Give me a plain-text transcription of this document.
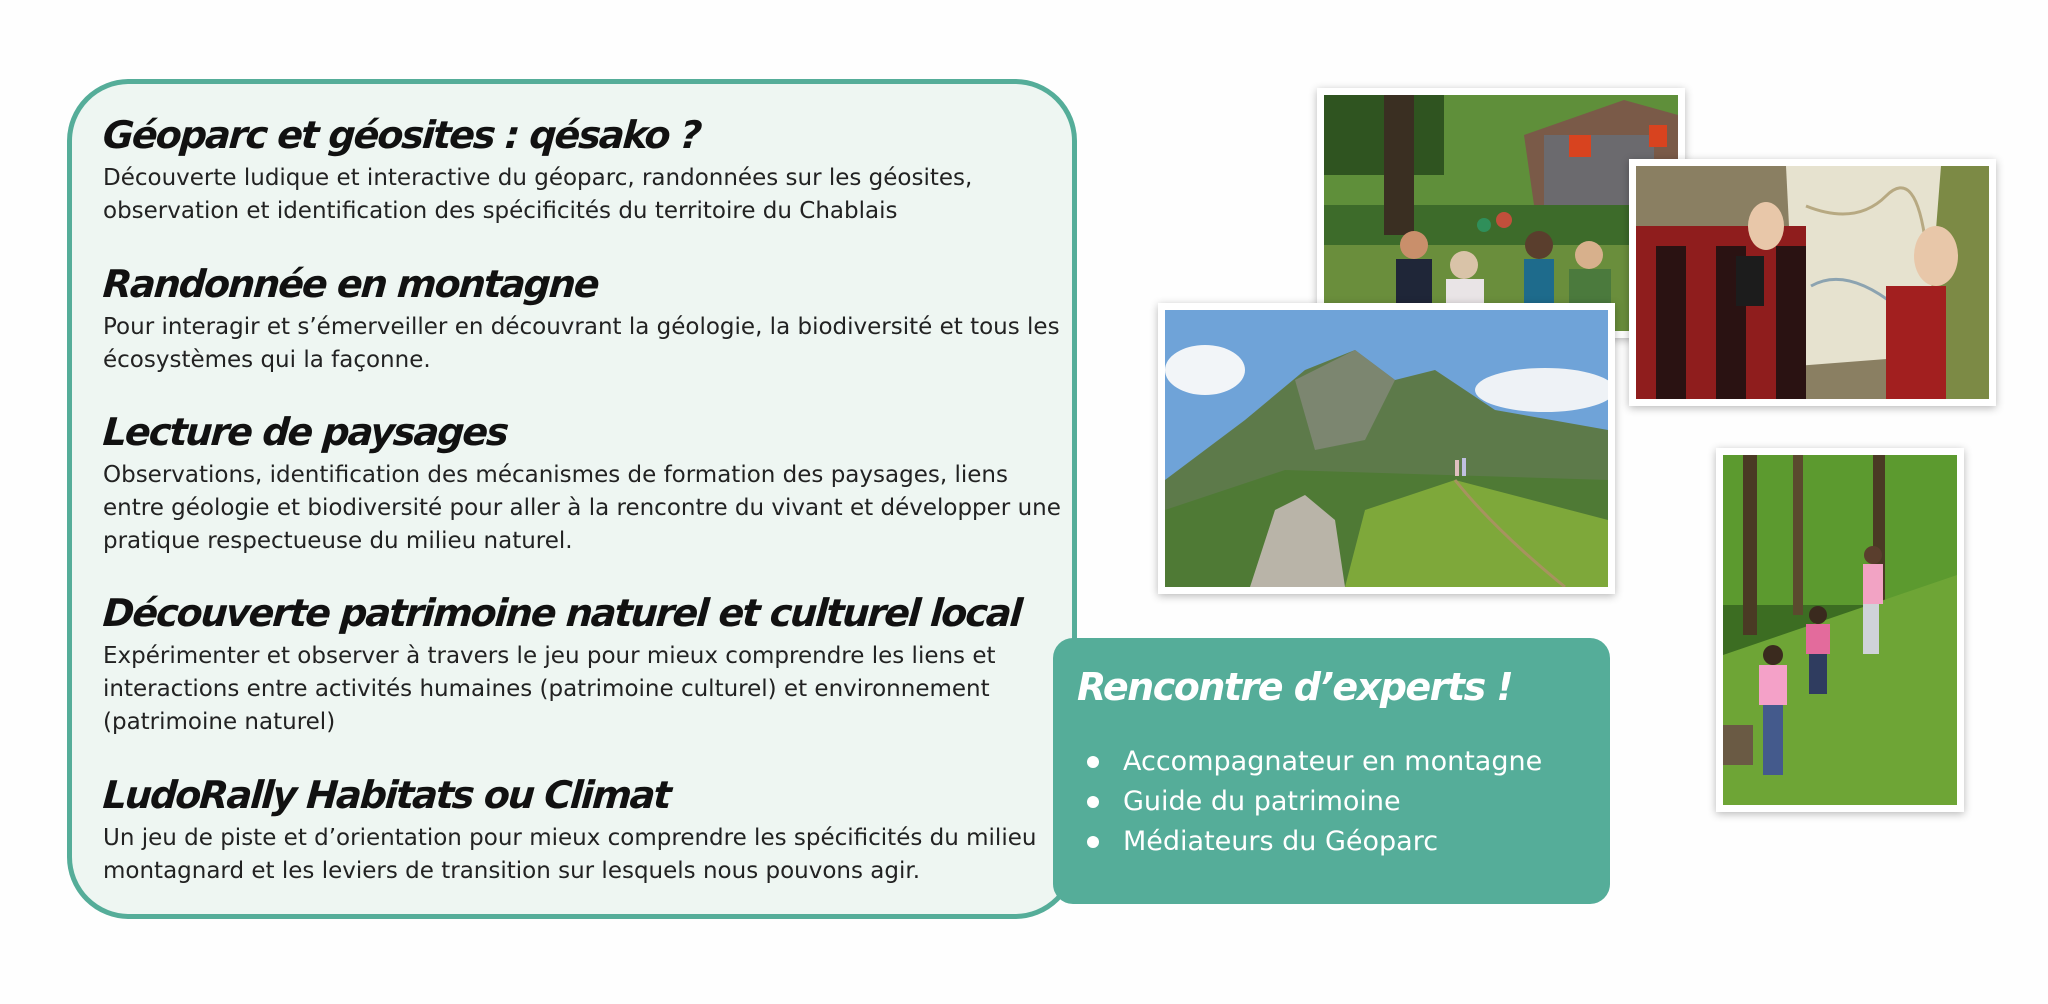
Géoparc et géosites : qésako ?

Découverte ludique et interactive du géoparc, randonnées sur les géosites, observation et identification des spécificités du territoire du Chablais

Randonnée en montagne

Pour interagir et s’émerveiller en découvrant la géologie, la biodiversité et tous les écosystèmes qui la façonne.

Lecture de paysages

Observations, identification des mécanismes de formation des paysages, liens entre géologie et biodiversité pour aller à la rencontre du vivant et développer une pratique respectueuse du milieu naturel.

Découverte patrimoine naturel et culturel local

Expérimenter et observer à travers le jeu pour mieux comprendre les liens et interactions entre activités humaines (patrimoine culturel) et environnement (patrimoine naturel)

LudoRally Habitats ou Climat

Un jeu de piste et d’orientation pour mieux comprendre les spécificités du milieu montagnard et les leviers de transition sur lesquels nous pouvons agir.

Rencontre d’experts !
Accompagnateur en montagne
Guide du patrimoine
Médiateurs du Géoparc
